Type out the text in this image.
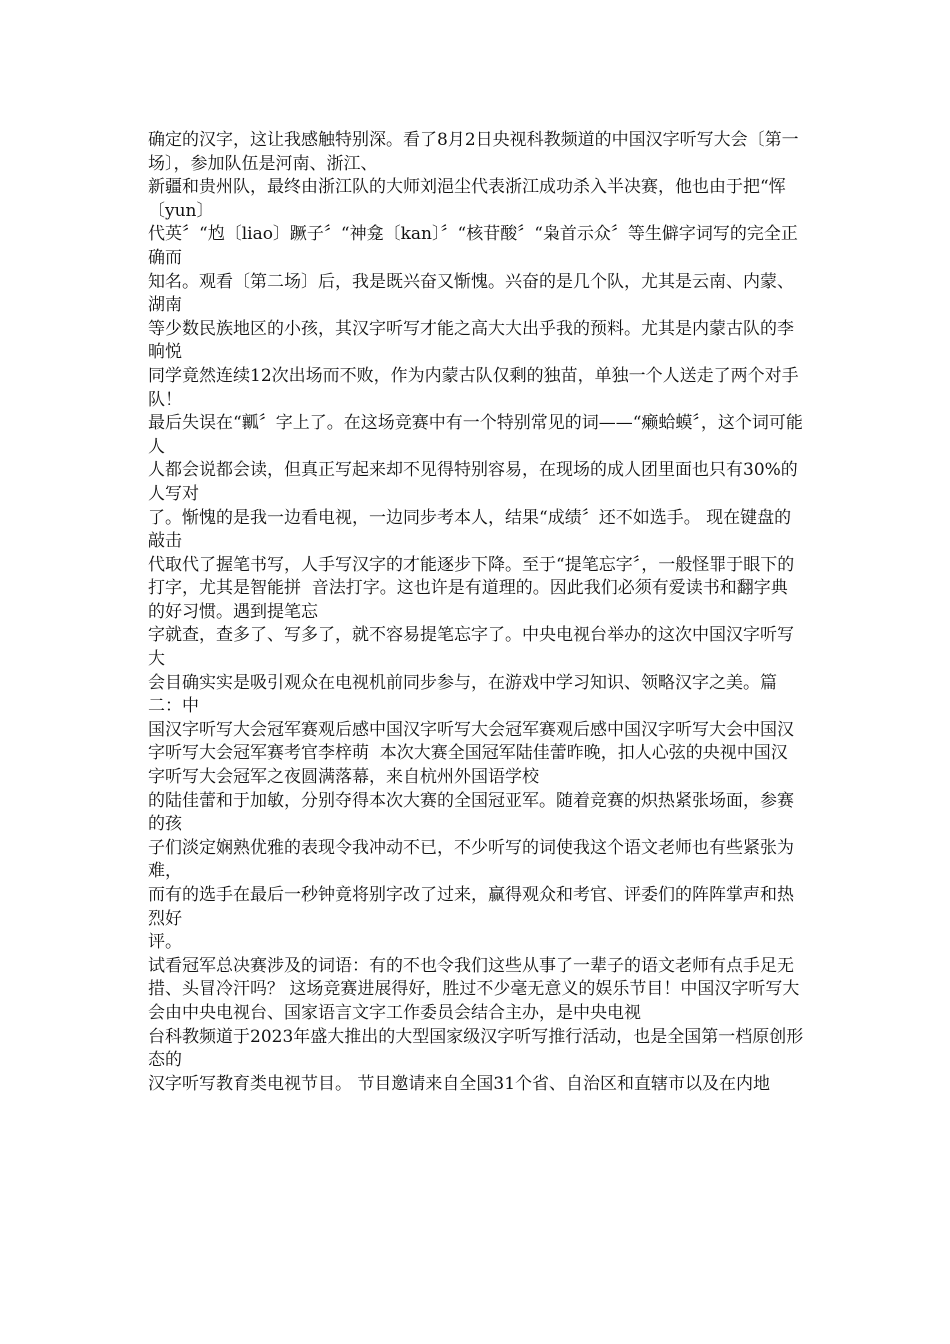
确定的汉字，这让我感触特别深。看了8月2日央视科教频道的中国汉字听写大会〔第一场〕，参加队伍是河南、浙江、
新疆和贵州队，最终由浙江队的大师刘浥尘代表浙江成功杀入半决赛，他也由于把“恽〔yun〕
代英〞“尥〔liao〕蹶子〞“神龛〔kan〕〞“核苷酸〞“枭首示众〞等生僻字词写的完全正确而
知名。观看〔第二场〕后，我是既兴奋又惭愧。兴奋的是几个队，尤其是云南、内蒙、湖南
等少数民族地区的小孩，其汉字听写才能之高大大出乎我的预料。尤其是内蒙古队的李晌悦
同学竟然连续12次出场而不败，作为内蒙古队仅剩的独苗，单独一个人送走了两个对手队！
最后失误在“瓤〞字上了。在这场竞赛中有一个特别常见的词——“癞蛤蟆〞，这个词可能人
人都会说都会读，但真正写起来却不见得特别容易，在现场的成人团里面也只有30%的人写对
了。惭愧的是我一边看电视，一边同步考本人，结果“成绩〞还不如选手。 现在键盘的敲击
代取代了握笔书写，人手写汉字的才能逐步下降。至于“提笔忘字〞，一般怪罪于眼下的
打字，尤其是智能拼  音法打字。这也许是有道理的。因此我们必须有爱读书和翻字典的好习惯。遇到提笔忘
字就查，查多了、写多了，就不容易提笔忘字了。中央电视台举办的这次中国汉字听写大
会目确实实是吸引观众在电视机前同步参与，在游戏中学习知识、领略汉字之美。篇二：中
国汉字听写大会冠军赛观后感中国汉字听写大会冠军赛观后感中国汉字听写大会中国汉字听写大会冠军赛考官李梓萌  本次大赛全国冠军陆佳蕾昨晚，扣人心弦的央视中国汉字听写大会冠军之夜圆满落幕，来自杭州外国语学校
的陆佳蕾和于加敏，分别夺得本次大赛的全国冠亚军。随着竞赛的炽热紧张场面，参赛的孩
子们淡定娴熟优雅的表现令我冲动不已，不少听写的词使我这个语文老师也有些紧张为难，
而有的选手在最后一秒钟竟将别字改了过来，赢得观众和考官、评委们的阵阵掌声和热烈好
评。
试看冠军总决赛涉及的词语：有的不也令我们这些从事了一辈子的语文老师有点手足无措、头冒冷汗吗？ 这场竞赛进展得好，胜过不少毫无意义的娱乐节目！中国汉字听写大会由中央电视台、国家语言文字工作委员会结合主办，是中央电视
台科教频道于2023年盛大推出的大型国家级汉字听写推行活动，也是全国第一档原创形态的
汉字听写教育类电视节目。 节目邀请来自全国31个省、自治区和直辖市以及在内地
